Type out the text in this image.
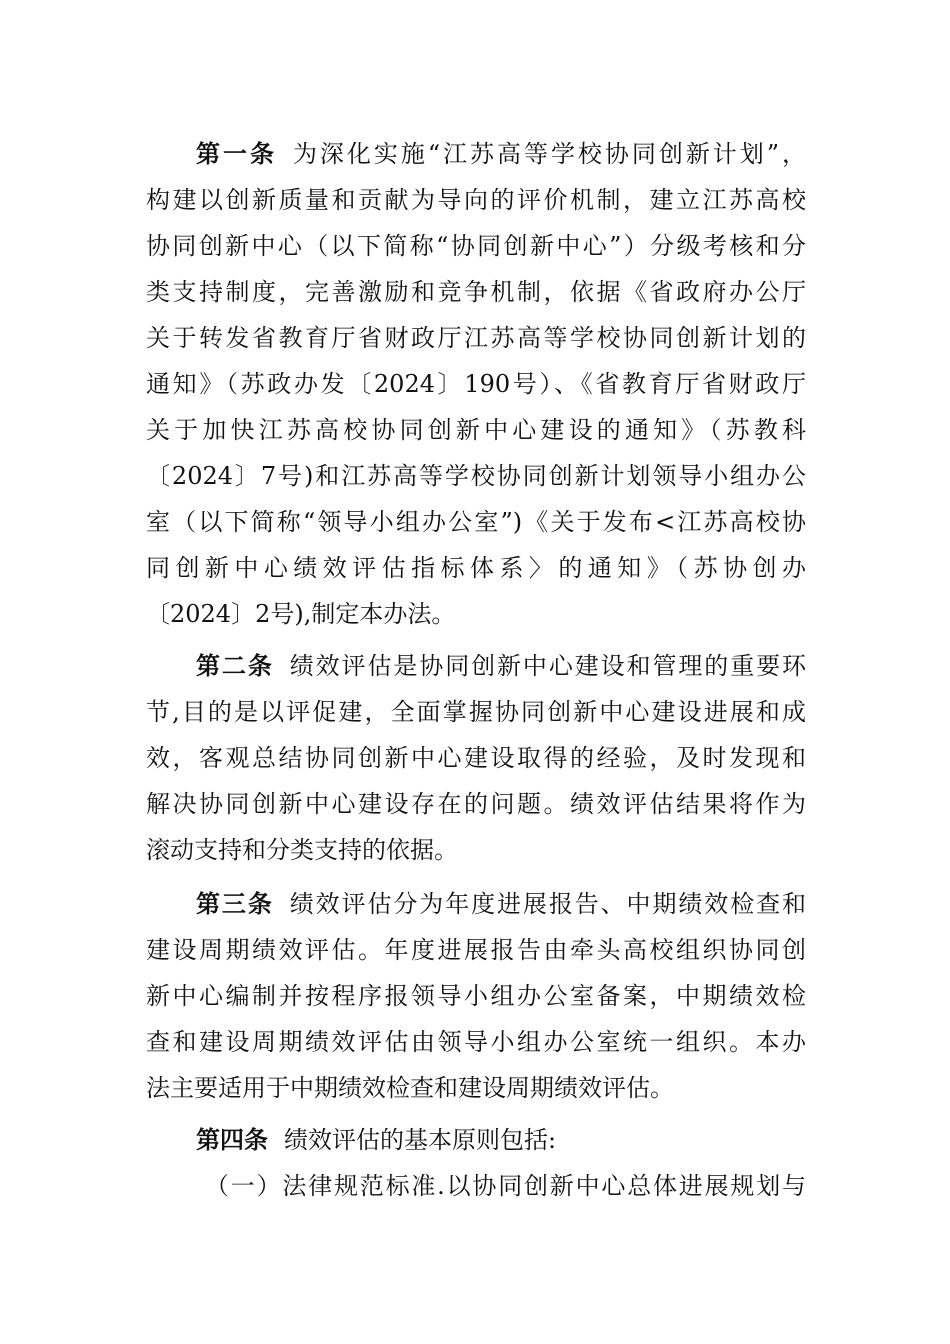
第一条 为深化实施“江苏高等学校协同创新计划”，
构建以创新质量和贡献为导向的评价机制，建立江苏高校
协同创新中心（以下简称“协同创新中心”）分级考核和分
类支持制度，完善激励和竞争机制，依据《省政府办公厅
关于转发省教育厅省财政厅江苏高等学校协同创新计划的
通知》（苏政办发〔2024〕190号）、《省教育厅省财政厅
关于加快江苏高校协同创新中心建设的通知》（苏教科
〔2024〕7号)和江苏高等学校协同创新计划领导小组办公
室（以下简称“领导小组办公室”)《关于发布<江苏高校协
同创新中心绩效评估指标体系〉的通知》（苏协创办
〔2024〕2号),制定本办法。
第二条 绩效评估是协同创新中心建设和管理的重要环
节,目的是以评促建，全面掌握协同创新中心建设进展和成
效，客观总结协同创新中心建设取得的经验，及时发现和
解决协同创新中心建设存在的问题。绩效评估结果将作为
滚动支持和分类支持的依据。
第三条 绩效评估分为年度进展报告、中期绩效检查和
建设周期绩效评估。年度进展报告由牵头高校组织协同创
新中心编制并按程序报领导小组办公室备案，中期绩效检
查和建设周期绩效评估由领导小组办公室统一组织。本办
法主要适用于中期绩效检查和建设周期绩效评估。
第四条 绩效评估的基本原则包括:
（一）法律规范标准.以协同创新中心总体进展规划与
